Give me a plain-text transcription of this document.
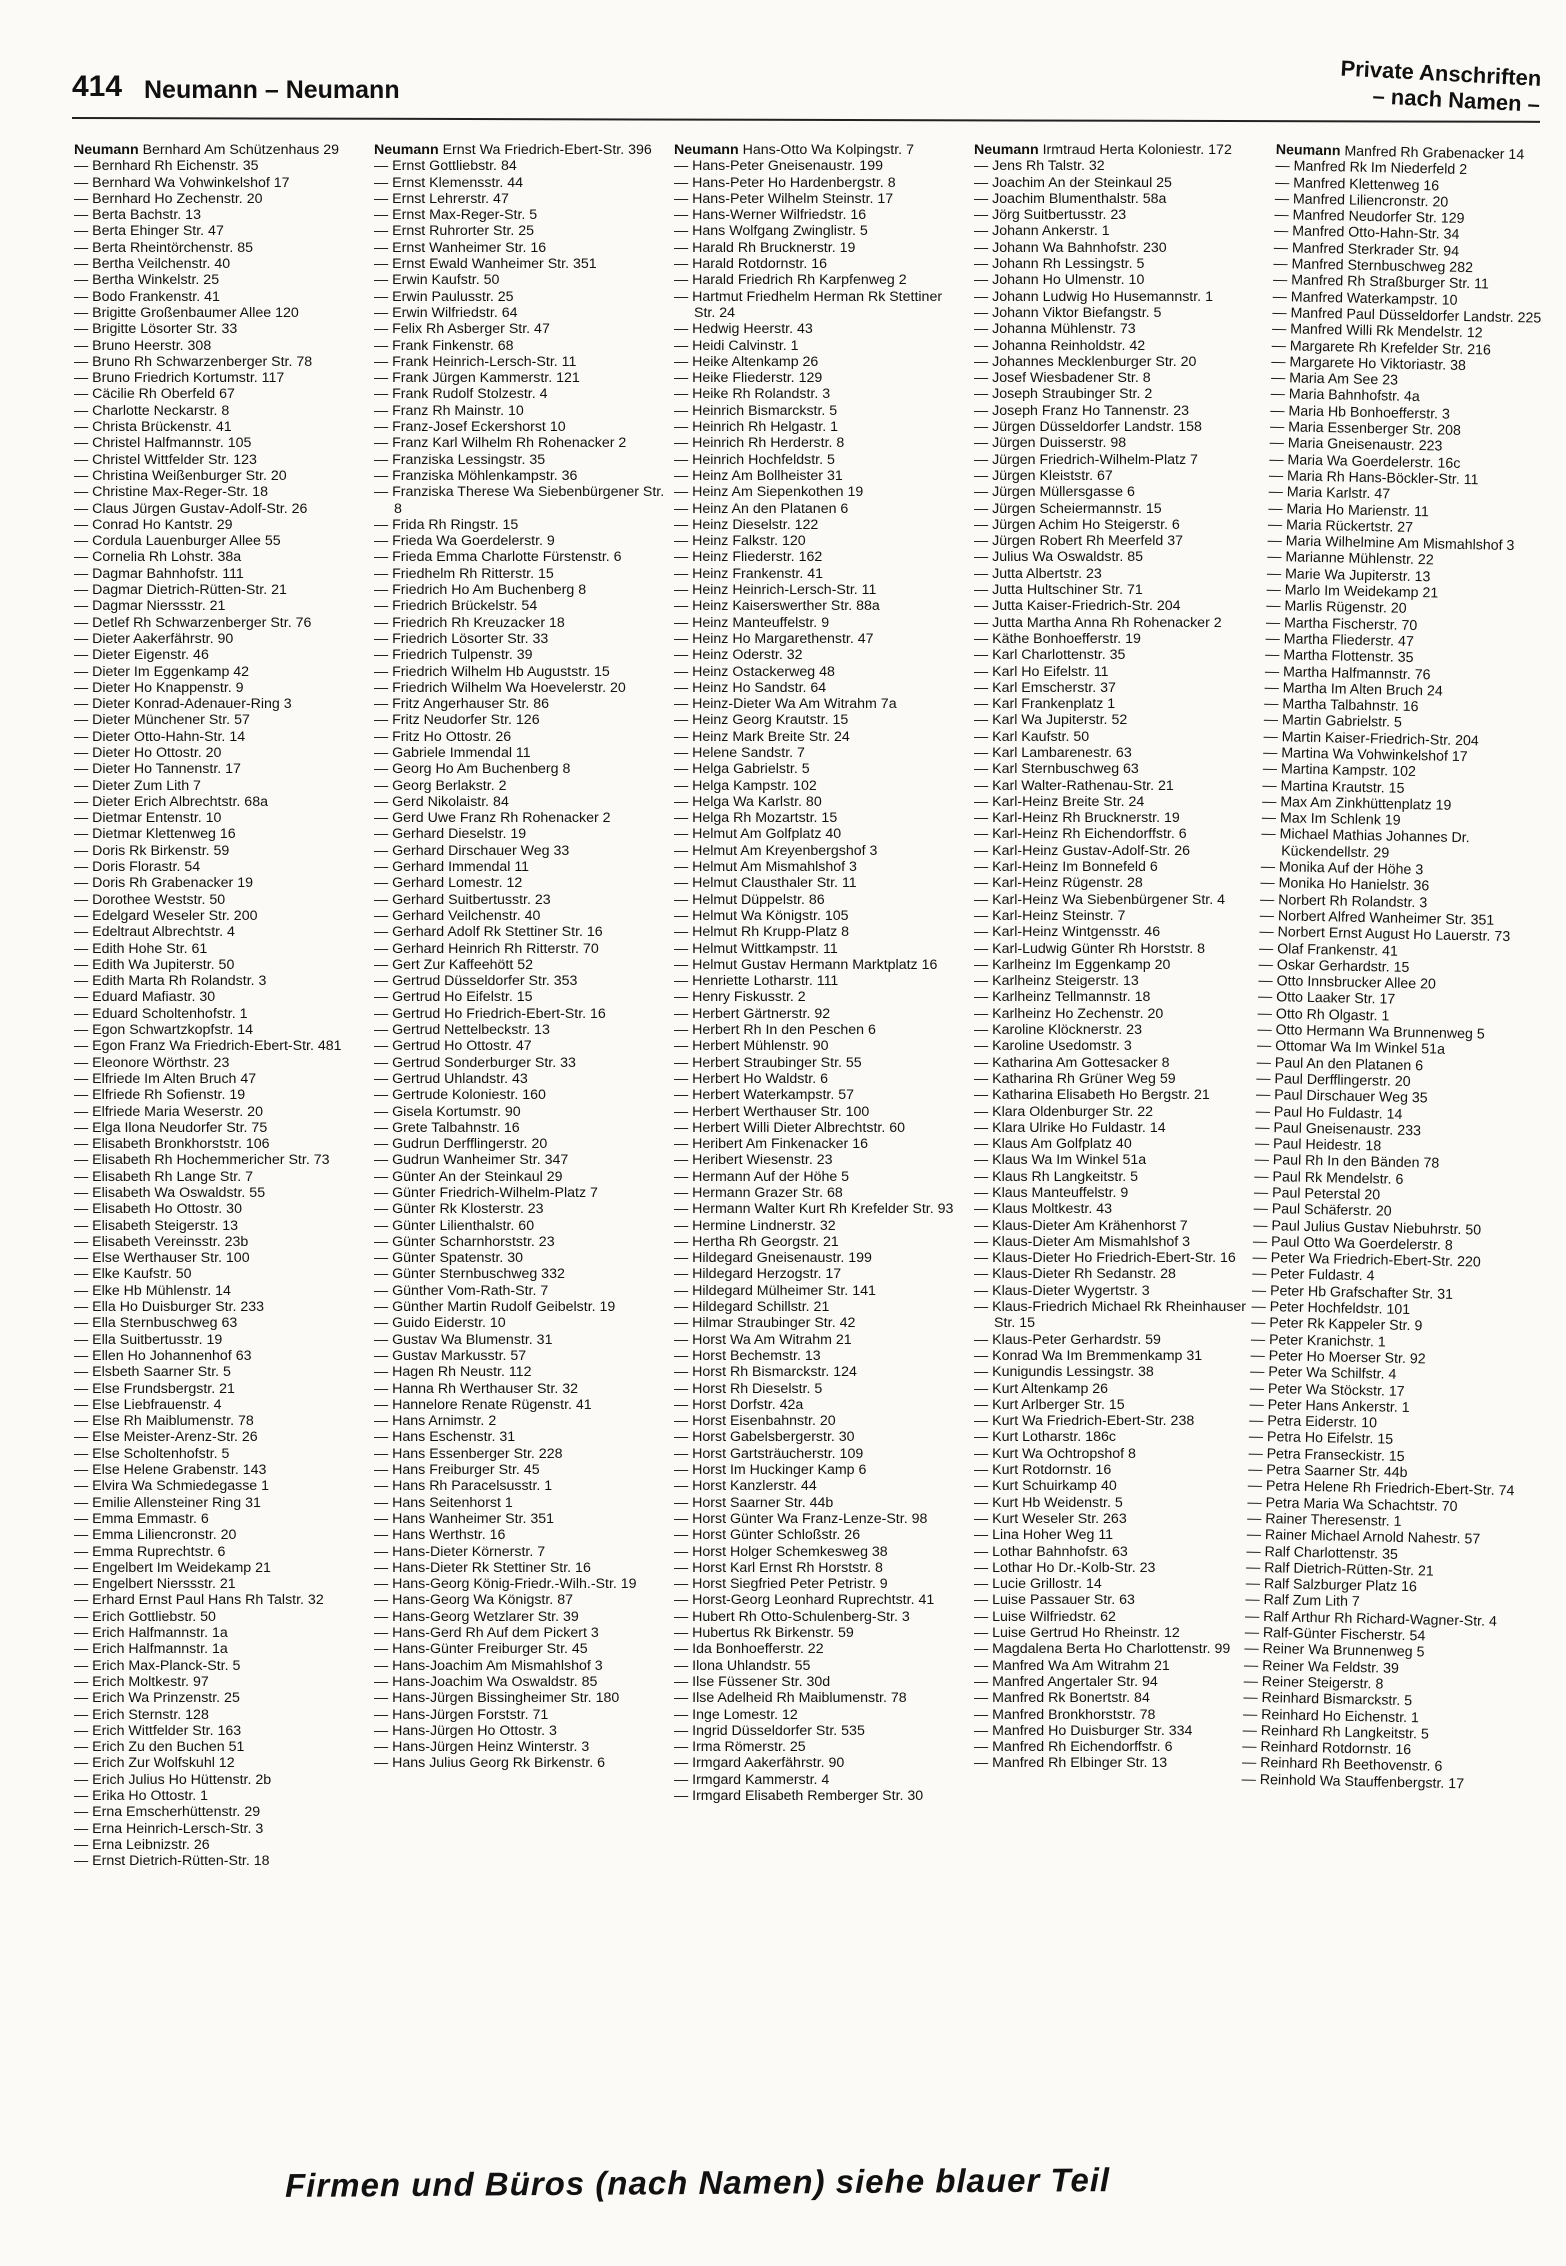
414 Neumann – Neumann	Private Anschriften
– nach Namen –
Neumann Bernhard Am Schützenhaus 29
— Bernhard Rh Eichenstr. 35
— Bernhard Wa Vohwinkelshof 17
— Bernhard Ho Zechenstr. 20
— Berta Bachstr. 13
— Berta Ehinger Str. 47
— Berta Rheintörchenstr. 85
— Bertha Veilchenstr. 40
— Bertha Winkelstr. 25
— Bodo Frankenstr. 41
— Brigitte Großenbaumer Allee 120
— Brigitte Lösorter Str. 33
— Bruno Heerstr. 308
— Bruno Rh Schwarzenberger Str. 78
— Bruno Friedrich Kortumstr. 117
— Cäcilie Rh Oberfeld 67
— Charlotte Neckarstr. 8
— Christa Brückenstr. 41
— Christel Halfmannstr. 105
— Christel Wittfelder Str. 123
— Christina Weißenburger Str. 20
— Christine Max-Reger-Str. 18
— Claus Jürgen Gustav-Adolf-Str. 26
— Conrad Ho Kantstr. 29
— Cordula Lauenburger Allee 55
— Cornelia Rh Lohstr. 38a
— Dagmar Bahnhofstr. 111
— Dagmar Dietrich-Rütten-Str. 21
— Dagmar Nierssstr. 21
— Detlef Rh Schwarzenberger Str. 76
— Dieter Aakerfährstr. 90
— Dieter Eigenstr. 46
— Dieter Im Eggenkamp 42
— Dieter Ho Knappenstr. 9
— Dieter Konrad-Adenauer-Ring 3
— Dieter Münchener Str. 57
— Dieter Otto-Hahn-Str. 14
— Dieter Ho Ottostr. 20
— Dieter Ho Tannenstr. 17
— Dieter Zum Lith 7
— Dieter Erich Albrechtstr. 68a
— Dietmar Entenstr. 10
— Dietmar Klettenweg 16
— Doris Rk Birkenstr. 59
— Doris Florastr. 54
— Doris Rh Grabenacker 19
— Dorothee Weststr. 50
— Edelgard Weseler Str. 200
— Edeltraut Albrechtstr. 4
— Edith Hohe Str. 61
— Edith Wa Jupiterstr. 50
— Edith Marta Rh Rolandstr. 3
— Eduard Mafiastr. 30
— Eduard Scholtenhofstr. 1
— Egon Schwartzkopfstr. 14
— Egon Franz Wa Friedrich-Ebert-Str. 481
— Eleonore Wörthstr. 23
— Elfriede Im Alten Bruch 47
— Elfriede Rh Sofienstr. 19
— Elfriede Maria Weserstr. 20
— Elga Ilona Neudorfer Str. 75
— Elisabeth Bronkhorststr. 106
— Elisabeth Rh Hochemmericher Str. 73
— Elisabeth Rh Lange Str. 7
— Elisabeth Wa Oswaldstr. 55
— Elisabeth Ho Ottostr. 30
— Elisabeth Steigerstr. 13
— Elisabeth Vereinsstr. 23b
— Else Werthauser Str. 100
— Elke Kaufstr. 50
— Elke Hb Mühlenstr. 14
— Ella Ho Duisburger Str. 233
— Ella Sternbuschweg 63
— Ella Suitbertusstr. 19
— Ellen Ho Johannenhof 63
— Elsbeth Saarner Str. 5
— Else Frundsbergstr. 21
— Else Liebfrauenstr. 4
— Else Rh Maiblumenstr. 78
— Else Meister-Arenz-Str. 26
— Else Scholtenhofstr. 5
— Else Helene Grabenstr. 143
— Elvira Wa Schmiedegasse 1
— Emilie Allensteiner Ring 31
— Emma Emmastr. 6
— Emma Liliencronstr. 20
— Emma Ruprechtstr. 6
— Engelbert Im Weidekamp 21
— Engelbert Nierssstr. 21
— Erhard Ernst Paul Hans Rh Talstr. 32
— Erich Gottliebstr. 50
— Erich Halfmannstr. 1a
— Erich Halfmannstr. 1a
— Erich Max-Planck-Str. 5
— Erich Moltkestr. 97
— Erich Wa Prinzenstr. 25
— Erich Sternstr. 128
— Erich Wittfelder Str. 163
— Erich Zu den Buchen 51
— Erich Zur Wolfskuhl 12
— Erich Julius Ho Hüttenstr. 2b
— Erika Ho Ottostr. 1
— Erna Emscherhüttenstr. 29
— Erna Heinrich-Lersch-Str. 3
— Erna Leibnizstr. 26
— Ernst Dietrich-Rütten-Str. 18
Neumann Ernst Wa Friedrich-Ebert-Str. 396
— Ernst Gottliebstr. 84
— Ernst Klemensstr. 44
— Ernst Lehrerstr. 47
— Ernst Max-Reger-Str. 5
— Ernst Ruhrorter Str. 25
— Ernst Wanheimer Str. 16
— Ernst Ewald Wanheimer Str. 351
— Erwin Kaufstr. 50
— Erwin Paulusstr. 25
— Erwin Wilfriedstr. 64
— Felix Rh Asberger Str. 47
— Frank Finkenstr. 68
— Frank Heinrich-Lersch-Str. 11
— Frank Jürgen Kammerstr. 121
— Frank Rudolf Stolzestr. 4
— Franz Rh Mainstr. 10
— Franz-Josef Eckershorst 10
— Franz Karl Wilhelm Rh Rohenacker 2
— Franziska Lessingstr. 35
— Franziska Möhlenkampstr. 36
— Franziska Therese Wa Siebenbürgener Str. 8
— Frida Rh Ringstr. 15
— Frieda Wa Goerdelerstr. 9
— Frieda Emma Charlotte Fürstenstr. 6
— Friedhelm Rh Ritterstr. 15
— Friedrich Ho Am Buchenberg 8
— Friedrich Brückelstr. 54
— Friedrich Rh Kreuzacker 18
— Friedrich Lösorter Str. 33
— Friedrich Tulpenstr. 39
— Friedrich Wilhelm Hb Auguststr. 15
— Friedrich Wilhelm Wa Hoevelerstr. 20
— Fritz Angerhauser Str. 86
— Fritz Neudorfer Str. 126
— Fritz Ho Ottostr. 26
— Gabriele Immendal 11
— Georg Ho Am Buchenberg 8
— Georg Berlakstr. 2
— Gerd Nikolaistr. 84
— Gerd Uwe Franz Rh Rohenacker 2
— Gerhard Dieselstr. 19
— Gerhard Dirschauer Weg 33
— Gerhard Immendal 11
— Gerhard Lomestr. 12
— Gerhard Suitbertusstr. 23
— Gerhard Veilchenstr. 40
— Gerhard Adolf Rk Stettiner Str. 16
— Gerhard Heinrich Rh Ritterstr. 70
— Gert Zur Kaffeehött 52
— Gertrud Düsseldorfer Str. 353
— Gertrud Ho Eifelstr. 15
— Gertrud Ho Friedrich-Ebert-Str. 16
— Gertrud Nettelbeckstr. 13
— Gertrud Ho Ottostr. 47
— Gertrud Sonderburger Str. 33
— Gertrud Uhlandstr. 43
— Gertrude Koloniestr. 160
— Gisela Kortumstr. 90
— Grete Talbahnstr. 16
— Gudrun Derfflingerstr. 20
— Gudrun Wanheimer Str. 347
— Günter An der Steinkaul 29
— Günter Friedrich-Wilhelm-Platz 7
— Günter Rk Klosterstr. 23
— Günter Lilienthalstr. 60
— Günter Scharnhorststr. 23
— Günter Spatenstr. 30
— Günter Sternbuschweg 332
— Günther Vom-Rath-Str. 7
— Günther Martin Rudolf Geibelstr. 19
— Guido Eiderstr. 10
— Gustav Wa Blumenstr. 31
— Gustav Markusstr. 57
— Hagen Rh Neustr. 112
— Hanna Rh Werthauser Str. 32
— Hannelore Renate Rügenstr. 41
— Hans Arnimstr. 2
— Hans Eschenstr. 31
— Hans Essenberger Str. 228
— Hans Freiburger Str. 45
— Hans Rh Paracelsusstr. 1
— Hans Seitenhorst 1
— Hans Wanheimer Str. 351
— Hans Werthstr. 16
— Hans-Dieter Körnerstr. 7
— Hans-Dieter Rk Stettiner Str. 16
— Hans-Georg König-Friedr.-Wilh.-Str. 19
— Hans-Georg Wa Königstr. 87
— Hans-Georg Wetzlarer Str. 39
— Hans-Gerd Rh Auf dem Pickert 3
— Hans-Günter Freiburger Str. 45
— Hans-Joachim Am Mismahlshof 3
— Hans-Joachim Wa Oswaldstr. 85
— Hans-Jürgen Bissingheimer Str. 180
— Hans-Jürgen Forststr. 71
— Hans-Jürgen Ho Ottostr. 3
— Hans-Jürgen Heinz Winterstr. 3
— Hans Julius Georg Rk Birkenstr. 6
Neumann Hans-Otto Wa Kolpingstr. 7
— Hans-Peter Gneisenaustr. 199
— Hans-Peter Ho Hardenbergstr. 8
— Hans-Peter Wilhelm Steinstr. 17
— Hans-Werner Wilfriedstr. 16
— Hans Wolfgang Zwinglistr. 5
— Harald Rh Brucknerstr. 19
— Harald Rotdornstr. 16
— Harald Friedrich Rh Karpfenweg 2
— Hartmut Friedhelm Herman Rk Stettiner Str. 24
— Hedwig Heerstr. 43
— Heidi Calvinstr. 1
— Heike Altenkamp 26
— Heike Fliederstr. 129
— Heike Rh Rolandstr. 3
— Heinrich Bismarckstr. 5
— Heinrich Rh Helgastr. 1
— Heinrich Rh Herderstr. 8
— Heinrich Hochfeldstr. 5
— Heinz Am Bollheister 31
— Heinz Am Siepenkothen 19
— Heinz An den Platanen 6
— Heinz Dieselstr. 122
— Heinz Falkstr. 120
— Heinz Fliederstr. 162
— Heinz Frankenstr. 41
— Heinz Heinrich-Lersch-Str. 11
— Heinz Kaiserswerther Str. 88a
— Heinz Manteuffelstr. 9
— Heinz Ho Margarethenstr. 47
— Heinz Oderstr. 32
— Heinz Ostackerweg 48
— Heinz Ho Sandstr. 64
— Heinz-Dieter Wa Am Witrahm 7a
— Heinz Georg Krautstr. 15
— Heinz Mark Breite Str. 24
— Helene Sandstr. 7
— Helga Gabrielstr. 5
— Helga Kampstr. 102
— Helga Wa Karlstr. 80
— Helga Rh Mozartstr. 15
— Helmut Am Golfplatz 40
— Helmut Am Kreyenbergshof 3
— Helmut Am Mismahlshof 3
— Helmut Clausthaler Str. 11
— Helmut Düppelstr. 86
— Helmut Wa Königstr. 105
— Helmut Rh Krupp-Platz 8
— Helmut Wittkampstr. 11
— Helmut Gustav Hermann Marktplatz 16
— Henriette Lotharstr. 111
— Henry Fiskusstr. 2
— Herbert Gärtnerstr. 92
— Herbert Rh In den Peschen 6
— Herbert Mühlenstr. 90
— Herbert Straubinger Str. 55
— Herbert Ho Waldstr. 6
— Herbert Waterkampstr. 57
— Herbert Werthauser Str. 100
— Herbert Willi Dieter Albrechtstr. 60
— Heribert Am Finkenacker 16
— Heribert Wiesenstr. 23
— Hermann Auf der Höhe 5
— Hermann Grazer Str. 68
— Hermann Walter Kurt Rh Krefelder Str. 93
— Hermine Lindnerstr. 32
— Hertha Rh Georgstr. 21
— Hildegard Gneisenaustr. 199
— Hildegard Herzogstr. 17
— Hildegard Mülheimer Str. 141
— Hildegard Schillstr. 21
— Hilmar Straubinger Str. 42
— Horst Wa Am Witrahm 21
— Horst Bechemstr. 13
— Horst Rh Bismarckstr. 124
— Horst Rh Dieselstr. 5
— Horst Dorfstr. 42a
— Horst Eisenbahnstr. 20
— Horst Gabelsbergerstr. 30
— Horst Gartsträucherstr. 109
— Horst Im Huckinger Kamp 6
— Horst Kanzlerstr. 44
— Horst Saarner Str. 44b
— Horst Günter Wa Franz-Lenze-Str. 98
— Horst Günter Schloßstr. 26
— Horst Holger Schemkesweg 38
— Horst Karl Ernst Rh Horststr. 8
— Horst Siegfried Peter Petristr. 9
— Horst-Georg Leonhard Ruprechtstr. 41
— Hubert Rh Otto-Schulenberg-Str. 3
— Hubertus Rk Birkenstr. 59
— Ida Bonhoefferstr. 22
— Ilona Uhlandstr. 55
— Ilse Füssener Str. 30d
— Ilse Adelheid Rh Maiblumenstr. 78
— Inge Lomestr. 12
— Ingrid Düsseldorfer Str. 535
— Irma Römerstr. 25
— Irmgard Aakerfährstr. 90
— Irmgard Kammerstr. 4
— Irmgard Elisabeth Remberger Str. 30
Neumann Irmtraud Herta Koloniestr. 172
— Jens Rh Talstr. 32
— Joachim An der Steinkaul 25
— Joachim Blumenthalstr. 58a
— Jörg Suitbertusstr. 23
— Johann Ankerstr. 1
— Johann Wa Bahnhofstr. 230
— Johann Rh Lessingstr. 5
— Johann Ho Ulmenstr. 10
— Johann Ludwig Ho Husemannstr. 1
— Johann Viktor Biefangstr. 5
— Johanna Mühlenstr. 73
— Johanna Reinholdstr. 42
— Johannes Mecklenburger Str. 20
— Josef Wiesbadener Str. 8
— Joseph Straubinger Str. 2
— Joseph Franz Ho Tannenstr. 23
— Jürgen Düsseldorfer Landstr. 158
— Jürgen Duisserstr. 98
— Jürgen Friedrich-Wilhelm-Platz 7
— Jürgen Kleiststr. 67
— Jürgen Müllersgasse 6
— Jürgen Scheiermannstr. 15
— Jürgen Achim Ho Steigerstr. 6
— Jürgen Robert Rh Meerfeld 37
— Julius Wa Oswaldstr. 85
— Jutta Albertstr. 23
— Jutta Hultschiner Str. 71
— Jutta Kaiser-Friedrich-Str. 204
— Jutta Martha Anna Rh Rohenacker 2
— Käthe Bonhoefferstr. 19
— Karl Charlottenstr. 35
— Karl Ho Eifelstr. 11
— Karl Emscherstr. 37
— Karl Frankenplatz 1
— Karl Wa Jupiterstr. 52
— Karl Kaufstr. 50
— Karl Lambarenestr. 63
— Karl Sternbuschweg 63
— Karl Walter-Rathenau-Str. 21
— Karl-Heinz Breite Str. 24
— Karl-Heinz Rh Brucknerstr. 19
— Karl-Heinz Rh Eichendorffstr. 6
— Karl-Heinz Gustav-Adolf-Str. 26
— Karl-Heinz Im Bonnefeld 6
— Karl-Heinz Rügenstr. 28
— Karl-Heinz Wa Siebenbürgener Str. 4
— Karl-Heinz Steinstr. 7
— Karl-Heinz Wintgensstr. 46
— Karl-Ludwig Günter Rh Horststr. 8
— Karlheinz Im Eggenkamp 20
— Karlheinz Steigerstr. 13
— Karlheinz Tellmannstr. 18
— Karlheinz Ho Zechenstr. 20
— Karoline Klöcknerstr. 23
— Karoline Usedomstr. 3
— Katharina Am Gottesacker 8
— Katharina Rh Grüner Weg 59
— Katharina Elisabeth Ho Bergstr. 21
— Klara Oldenburger Str. 22
— Klara Ulrike Ho Fuldastr. 14
— Klaus Am Golfplatz 40
— Klaus Wa Im Winkel 51a
— Klaus Rh Langkeitstr. 5
— Klaus Manteuffelstr. 9
— Klaus Moltkestr. 43
— Klaus-Dieter Am Krähenhorst 7
— Klaus-Dieter Am Mismahlshof 3
— Klaus-Dieter Ho Friedrich-Ebert-Str. 16
— Klaus-Dieter Rh Sedanstr. 28
— Klaus-Dieter Wygertstr. 3
— Klaus-Friedrich Michael Rk Rheinhauser Str. 15
— Klaus-Peter Gerhardstr. 59
— Konrad Wa Im Bremmenkamp 31
— Kunigundis Lessingstr. 38
— Kurt Altenkamp 26
— Kurt Arlberger Str. 15
— Kurt Wa Friedrich-Ebert-Str. 238
— Kurt Lotharstr. 186c
— Kurt Wa Ochtropshof 8
— Kurt Rotdornstr. 16
— Kurt Schuirkamp 40
— Kurt Hb Weidenstr. 5
— Kurt Weseler Str. 263
— Lina Hoher Weg 11
— Lothar Bahnhofstr. 63
— Lothar Ho Dr.-Kolb-Str. 23
— Lucie Grillostr. 14
— Luise Passauer Str. 63
— Luise Wilfriedstr. 62
— Luise Gertrud Ho Rheinstr. 12
— Magdalena Berta Ho Charlottenstr. 99
— Manfred Wa Am Witrahm 21
— Manfred Angertaler Str. 94
— Manfred Rk Bonertstr. 84
— Manfred Bronkhorststr. 78
— Manfred Ho Duisburger Str. 334
— Manfred Rh Eichendorffstr. 6
— Manfred Rh Elbinger Str. 13
Neumann Manfred Rh Grabenacker 14
— Manfred Rk Im Niederfeld 2
— Manfred Klettenweg 16
— Manfred Liliencronstr. 20
— Manfred Neudorfer Str. 129
— Manfred Otto-Hahn-Str. 34
— Manfred Sterkrader Str. 94
— Manfred Sternbuschweg 282
— Manfred Rh Straßburger Str. 11
— Manfred Waterkampstr. 10
— Manfred Paul Düsseldorfer Landstr. 225
— Manfred Willi Rk Mendelstr. 12
— Margarete Rh Krefelder Str. 216
— Margarete Ho Viktoriastr. 38
— Maria Am See 23
— Maria Bahnhofstr. 4a
— Maria Hb Bonhoefferstr. 3
— Maria Essenberger Str. 208
— Maria Gneisenaustr. 223
— Maria Wa Goerdelerstr. 16c
— Maria Rh Hans-Böckler-Str. 11
— Maria Karlstr. 47
— Maria Ho Marienstr. 11
— Maria Rückertstr. 27
— Maria Wilhelmine Am Mismahlshof 3
— Marianne Mühlenstr. 22
— Marie Wa Jupiterstr. 13
— Marlo Im Weidekamp 21
— Marlis Rügenstr. 20
— Martha Fischerstr. 70
— Martha Fliederstr. 47
— Martha Flottenstr. 35
— Martha Halfmannstr. 76
— Martha Im Alten Bruch 24
— Martha Talbahnstr. 16
— Martin Gabrielstr. 5
— Martin Kaiser-Friedrich-Str. 204
— Martina Wa Vohwinkelshof 17
— Martina Kampstr. 102
— Martina Krautstr. 15
— Max Am Zinkhüttenplatz 19
— Max Im Schlenk 19
— Michael Mathias Johannes Dr. Kückendellstr. 29
— Monika Auf der Höhe 3
— Monika Ho Hanielstr. 36
— Norbert Rh Rolandstr. 3
— Norbert Alfred Wanheimer Str. 351
— Norbert Ernst August Ho Lauerstr. 73
— Olaf Frankenstr. 41
— Oskar Gerhardstr. 15
— Otto Innsbrucker Allee 20
— Otto Laaker Str. 17
— Otto Rh Olgastr. 1
— Otto Hermann Wa Brunnenweg 5
— Ottomar Wa Im Winkel 51a
— Paul An den Platanen 6
— Paul Derfflingerstr. 20
— Paul Dirschauer Weg 35
— Paul Ho Fuldastr. 14
— Paul Gneisenaustr. 233
— Paul Heidestr. 18
— Paul Rh In den Bänden 78
— Paul Rk Mendelstr. 6
— Paul Peterstal 20
— Paul Schäferstr. 20
— Paul Julius Gustav Niebuhrstr. 50
— Paul Otto Wa Goerdelerstr. 8
— Peter Wa Friedrich-Ebert-Str. 220
— Peter Fuldastr. 4
— Peter Hb Grafschafter Str. 31
— Peter Hochfeldstr. 101
— Peter Rk Kappeler Str. 9
— Peter Kranichstr. 1
— Peter Ho Moerser Str. 92
— Peter Wa Schilfstr. 4
— Peter Wa Stöckstr. 17
— Peter Hans Ankerstr. 1
— Petra Eiderstr. 10
— Petra Ho Eifelstr. 15
— Petra Franseckistr. 15
— Petra Saarner Str. 44b
— Petra Helene Rh Friedrich-Ebert-Str. 74
— Petra Maria Wa Schachtstr. 70
— Rainer Theresenstr. 1
— Rainer Michael Arnold Nahestr. 57
— Ralf Charlottenstr. 35
— Ralf Dietrich-Rütten-Str. 21
— Ralf Salzburger Platz 16
— Ralf Zum Lith 7
— Ralf Arthur Rh Richard-Wagner-Str. 4
— Ralf-Günter Fischerstr. 54
— Reiner Wa Brunnenweg 5
— Reiner Wa Feldstr. 39
— Reiner Steigerstr. 8
— Reinhard Bismarckstr. 5
— Reinhard Ho Eichenstr. 1
— Reinhard Rh Langkeitstr. 5
— Reinhard Rotdornstr. 16
— Reinhard Rh Beethovenstr. 6
— Reinhold Wa Stauffenbergstr. 17
Firmen und Büros (nach Namen) siehe blauer Teil
